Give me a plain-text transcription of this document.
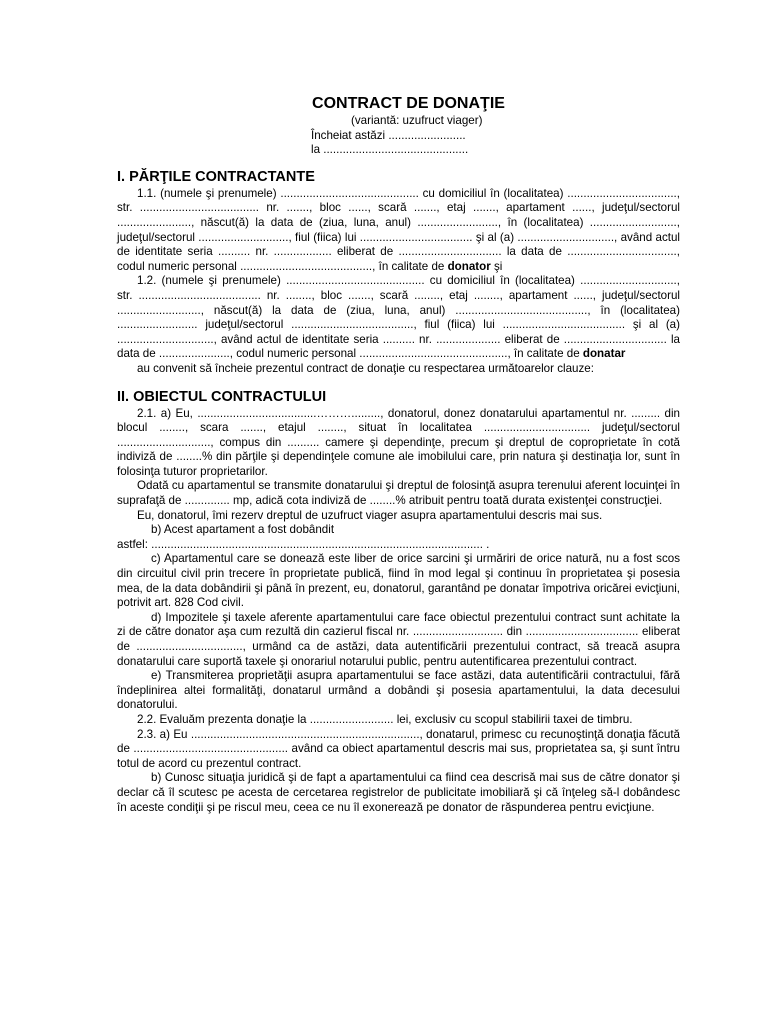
CONTRACT DE DONAŢIE

(variantă: uzufruct viager)

Încheiat astăzi ........................

la .............................................

I. PĂRŢILE CONTRACTANTE

1.1. (numele şi prenumele) ........................................... cu domiciliul în (localitatea) .................................., str. ..................................... nr. ......., bloc ......, scară ......., etaj ......., apartament ......, judeţul/sectorul ......................., născut(ă) la data de (ziua, luna, anul) ........................., în (localitatea) ..........................., judeţul/sectorul ............................, fiul (fiica) lui ................................... şi al (a) .............................., având actul de identitate seria .......... nr. .................. eliberat de ................................ la data de .................................., codul numeric personal ........................................., în calitate de donator şi

1.2. (numele şi prenumele) ........................................... cu domiciliul în (localitatea) .............................., str. ...................................... nr. ........, bloc ......., scară ........, etaj ........, apartament ......, judeţul/sectorul .........................., născut(ă) la data de (ziua, luna, anul) ........................................., în (localitatea) ......................... judeţul/sectorul ......................................, fiul (fiica) lui ...................................... şi al (a) .............................., având actul de identitate seria .......... nr. .................... eliberat de ................................ la data de ......................, codul numeric personal .............................................., în calitate de donatar

au convenit să încheie prezentul contract de donaţie cu respectarea următoarelor clauze:

II. OBIECTUL CONTRACTULUI

2.1. a) Eu, .....................................………........., donatorul, donez donatarului apartamentul nr. ......... din blocul ........, scara ......., etajul ........, situat în localitatea ................................. judeţul/sectorul ............................., compus din .......... camere şi dependinţe, precum şi dreptul de coproprietate în cotă indiviză de ........% din părţile şi dependinţele comune ale imobilului care, prin natura şi destinaţia lor, sunt în folosinţa tuturor proprietarilor.

Odată cu apartamentul se transmite donatarului şi dreptul de folosinţă asupra terenului aferent locuinţei în suprafaţă de .............. mp, adică cota indiviză de ........% atribuit pentru toată durata existenţei construcţiei.

Eu, donatorul, îmi rezerv dreptul de uzufruct viager asupra apartamentului descris mai sus.

b) Acest apartament a fost dobândit

astfel: ....................................................................................................... .

c) Apartamentul care se donează este liber de orice sarcini şi urmăriri de orice natură, nu a fost scos din circuitul civil prin trecere în proprietate publică, fiind în mod legal şi continuu în proprietatea şi posesia mea, de la data dobândirii şi până în prezent, eu, donatorul, garantând pe donatar împotriva oricărei evicţiuni, potrivit art. 828 Cod civil.

d) Impozitele şi taxele aferente apartamentului care face obiectul prezentului contract sunt achitate la zi de către donator aşa cum rezultă din cazierul fiscal nr. ............................ din ................................... eliberat de ................................., urmând ca de astăzi, data autentificării prezentului contract, să treacă asupra donatarului care suportă taxele şi onorariul notarului public, pentru autentificarea prezentului contract.

e) Transmiterea proprietăţii asupra apartamentului se face astăzi, data autentificării contractului, fără îndeplinirea altei formalităţi, donatarul urmând a dobândi şi posesia apartamentului, la data decesului donatorului.

2.2. Evaluăm prezenta donaţie la .......................... lei, exclusiv cu scopul stabilirii taxei de timbru.

2.3. a) Eu ......................................................................., donatarul, primesc cu recunoştinţă donaţia făcută de ................................................ având ca obiect apartamentul descris mai sus, proprietatea sa, şi sunt întru totul de acord cu prezentul contract.

b) Cunosc situaţia juridică şi de fapt a apartamentului ca fiind cea descrisă mai sus de către donator şi declar că îl scutesc pe acesta de cercetarea registrelor de publicitate imobiliară şi că înţeleg să-l dobândesc în aceste condiţii şi pe riscul meu, ceea ce nu îl exonerează pe donator de răspunderea pentru evicţiune.
